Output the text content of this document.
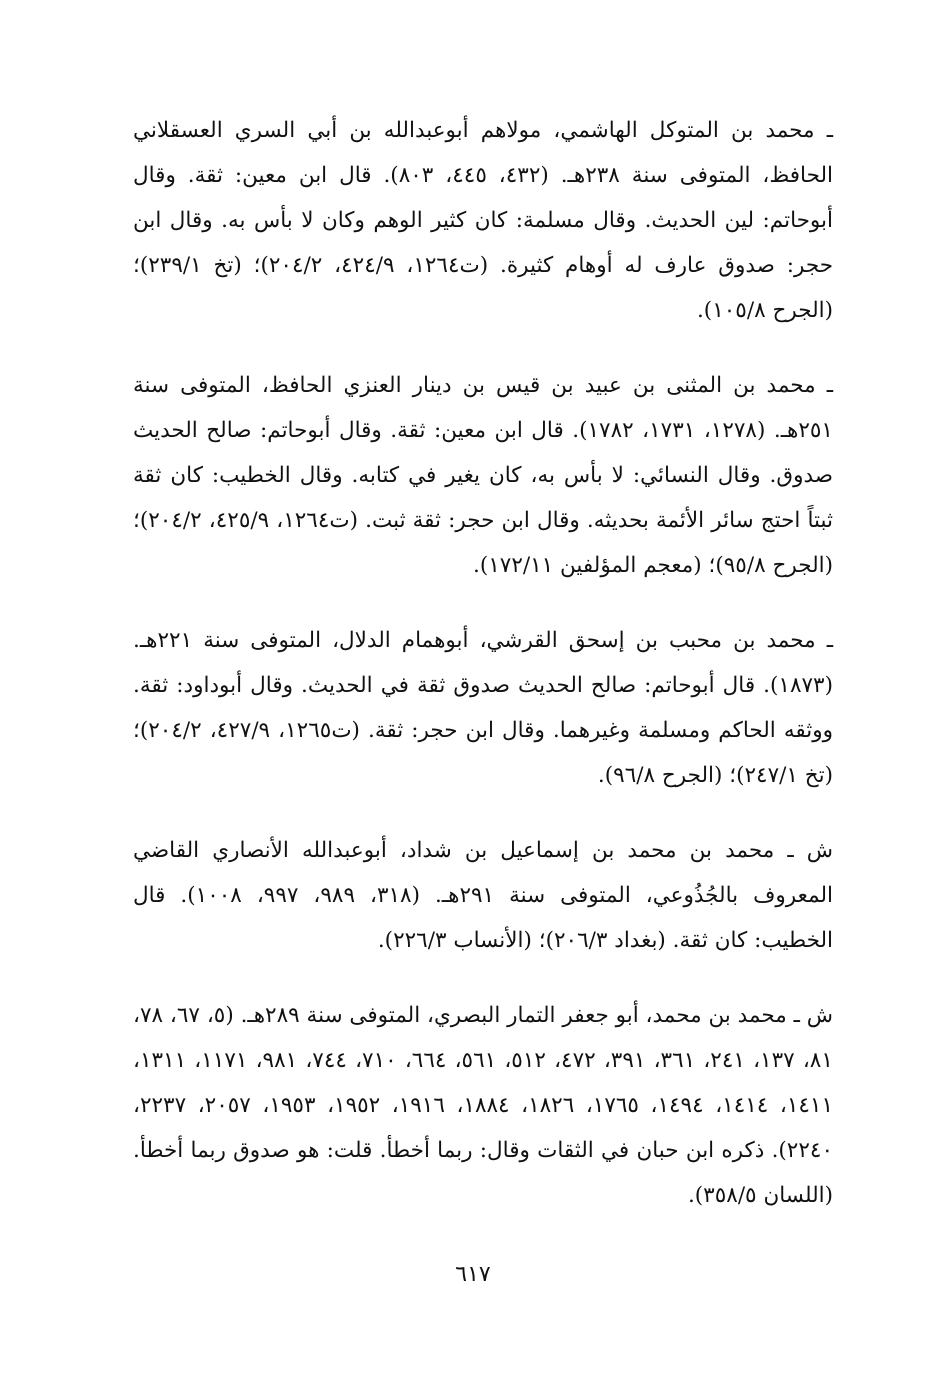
ـ محمد بن المتوكل الهاشمي، مولاهم أبوعبدالله بن أبي السري العسقلاني الحافظ، المتوفى سنة ٢٣٨هـ. (٤٣٢، ٤٤٥، ٨٠٣). قال ابن معين: ثقة. وقال أبوحاتم: لين الحديث. وقال مسلمة: كان كثير الوهم وكان لا بأس به. وقال ابن حجر: صدوق عارف له أوهام كثيرة. (ت١٢٦٤، ٤٢٤/٩، ٢٠٤/٢)؛ (تخ ٢٣٩/١)؛ (الجرح ١٠٥/٨).

ـ محمد بن المثنى بن عبيد بن قيس بن دينار العنزي الحافظ، المتوفى سنة ٢٥١هـ. (١٢٧٨، ١٧٣١، ١٧٨٢). قال ابن معين: ثقة. وقال أبوحاتم: صالح الحديث صدوق. وقال النسائي: لا بأس به، كان يغير في كتابه. وقال الخطيب: كان ثقة ثبتاً احتج سائر الأئمة بحديثه. وقال ابن حجر: ثقة ثبت. (ت١٢٦٤، ٤٢٥/٩، ٢٠٤/٢)؛ (الجرح ٩٥/٨)؛ (معجم المؤلفين ١٧٢/١١).

ـ محمد بن محبب بن إسحق القرشي، أبوهمام الدلال، المتوفى سنة ٢٢١هـ. (١٨٧٣). قال أبوحاتم: صالح الحديث صدوق ثقة في الحديث. وقال أبوداود: ثقة. ووثقه الحاكم ومسلمة وغيرهما. وقال ابن حجر: ثقة. (ت١٢٦٥، ٤٢٧/٩، ٢٠٤/٢)؛ (تخ ٢٤٧/١)؛ (الجرح ٩٦/٨).

ش ـ محمد بن محمد بن إسماعيل بن شداد، أبوعبدالله الأنصاري القاضي المعروف بالجُذُوعي، المتوفى سنة ٢٩١هـ. (٣١٨، ٩٨٩، ٩٩٧، ١٠٠٨). قال الخطيب: كان ثقة. (بغداد ٢٠٦/٣)؛ (الأنساب ٢٢٦/٣).

ش ـ محمد بن محمد، أبو جعفر التمار البصري، المتوفى سنة ٢٨٩هـ. (٥، ٦٧، ٧٨، ٨١، ١٣٧، ٢٤١، ٣٦١، ٣٩١، ٤٧٢، ٥١٢، ٥٦١، ٦٦٤، ٧١٠، ٧٤٤، ٩٨١، ١١٧١، ١٣١١، ١٤١١، ١٤١٤، ١٤٩٤، ١٧٦٥، ١٨٢٦، ١٨٨٤، ١٩١٦، ١٩٥٢، ١٩٥٣، ٢٠٥٧، ٢٢٣٧، ٢٢٤٠). ذكره ابن حبان في الثقات وقال: ربما أخطأ. قلت: هو صدوق ربما أخطأ. (اللسان ٣٥٨/٥).

٦١٧
